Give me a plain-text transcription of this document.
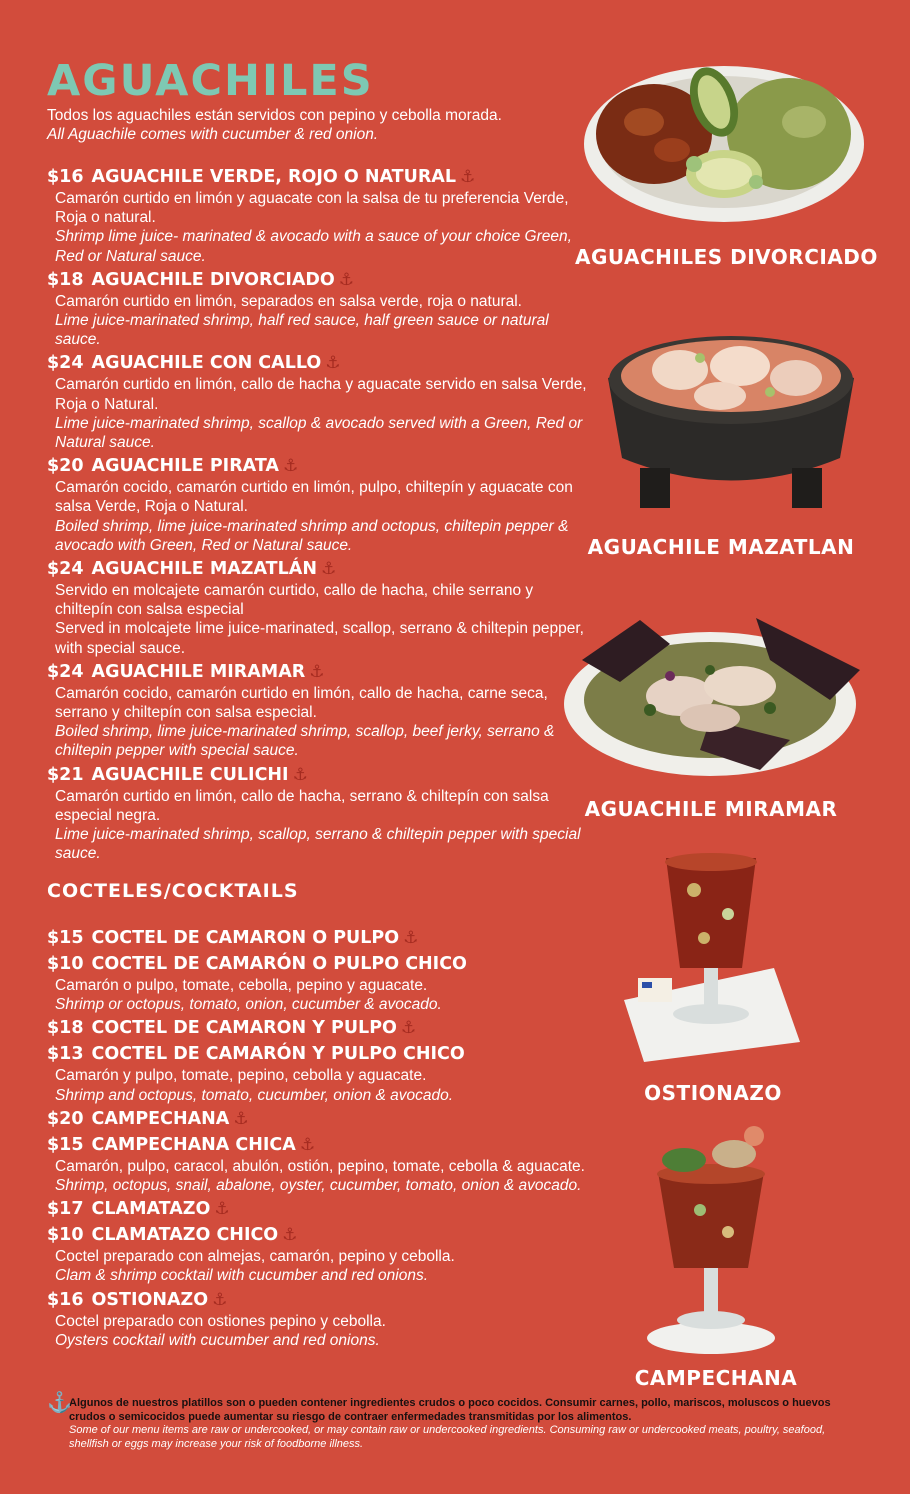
AGUACHILES
Todos los aguachiles están servidos con pepino y cebolla morada.
All Aguachile comes with cucumber & red onion.
$16 AGUACHILE VERDE, ROJO O NATURAL ⚓
Camarón curtido en limón y aguacate con la salsa de tu preferencia Verde, Roja o natural.
Shrimp lime juice- marinated & avocado with a sauce of your choice Green, Red or Natural sauce.
$18 AGUACHILE DIVORCIADO ⚓
Camarón curtido en limón, separados en salsa verde, roja o natural.
Lime juice-marinated shrimp, half red sauce, half green sauce or natural sauce.
$24 AGUACHILE CON CALLO ⚓
Camarón curtido en limón, callo de hacha y aguacate servido en salsa Verde, Roja o Natural.
Lime juice-marinated shrimp, scallop & avocado served with a Green, Red or Natural sauce.
$20 AGUACHILE PIRATA ⚓
Camarón cocido, camarón curtido en limón, pulpo, chiltepín y aguacate con salsa Verde, Roja o Natural.
Boiled shrimp, lime juice-marinated shrimp and octopus, chiltepin pepper & avocado with Green, Red or Natural sauce.
$24 AGUACHILE MAZATLÁN ⚓
Servido en molcajete camarón curtido, callo de hacha, chile serrano y chiltepín con salsa especial
Served in molcajete lime juice-marinated, scallop, serrano & chiltepin pepper, with special sauce.
$24 AGUACHILE MIRAMAR ⚓
Camarón cocido, camarón curtido en limón, callo de hacha, carne seca, serrano y chiltepín con salsa especial.
Boiled shrimp, lime juice-marinated shrimp, scallop, beef jerky, serrano & chiltepin pepper with special sauce.
$21 AGUACHILE CULICHI ⚓
Camarón curtido en limón, callo de hacha, serrano & chiltepín con salsa especial negra.
Lime juice-marinated shrimp, scallop, serrano & chiltepin pepper with special sauce.
COCTELES/COCKTAILS
$15 COCTEL DE CAMARON O PULPO ⚓
$10 COCTEL DE CAMARÓN O PULPO CHICO
Camarón o pulpo, tomate, cebolla, pepino y aguacate.
Shrimp or octopus, tomato, onion, cucumber & avocado.
$18 COCTEL DE CAMARON Y PULPO ⚓
$13 COCTEL DE CAMARÓN Y PULPO CHICO
Camarón y pulpo, tomate, pepino, cebolla y aguacate.
Shrimp and octopus, tomato, cucumber, onion & avocado.
$20 CAMPECHANA ⚓
$15 CAMPECHANA CHICA ⚓
Camarón, pulpo, caracol, abulón, ostión, pepino, tomate, cebolla & aguacate.
Shrimp, octopus, snail, abalone, oyster, cucumber, tomato, onion & avocado.
$17 CLAMATAZO ⚓
$10 CLAMATAZO CHICO ⚓
Coctel preparado con almejas, camarón, pepino y cebolla.
Clam & shrimp cocktail with cucumber and red onions.
$16 OSTIONAZO ⚓
Coctel preparado con ostiones pepino y cebolla.
Oysters cocktail with cucumber and red onions.
AGUACHILES DIVORCIADO
AGUACHILE MAZATLAN
AGUACHILE MIRAMAR
OSTIONAZO
CAMPECHANA
⚓
Algunos de nuestros platillos son o pueden contener ingredientes crudos o poco cocidos. Consumir carnes, pollo, mariscos, moluscos o huevos crudos o semicocidos puede aumentar su riesgo de contraer enfermedades transmitidas por los alimentos.
Some of our menu items are raw or undercooked, or may contain raw or undercooked ingredients. Consuming raw or undercooked meats, poultry, seafood, shellfish or eggs may increase your risk of foodborne illness.
